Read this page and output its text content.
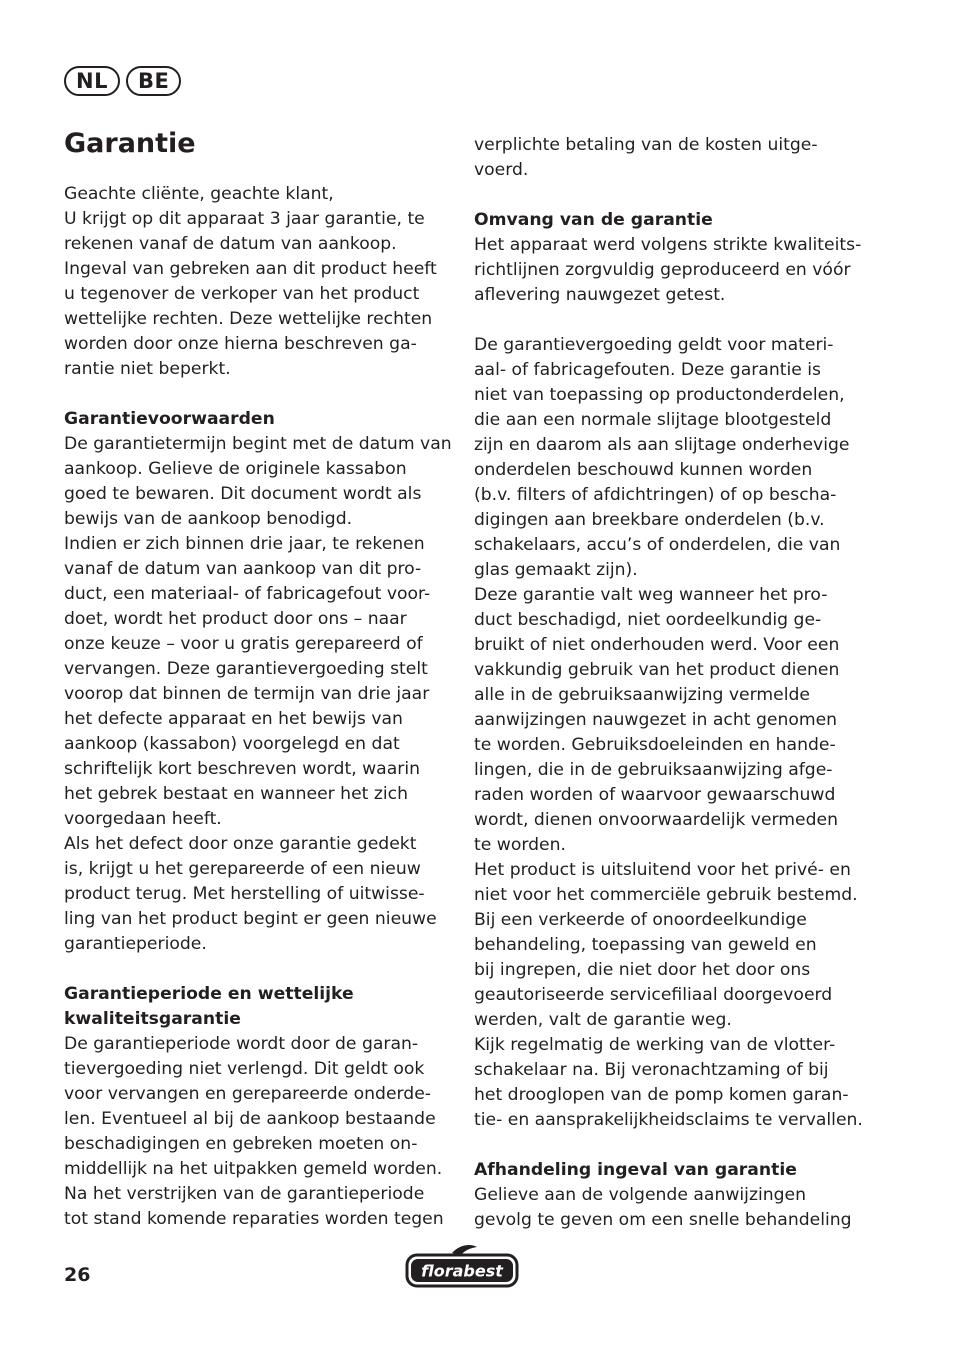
NL	BE
Garantie
Geachte cliënte, geachte klant,
U krijgt op dit apparaat 3 jaar garantie, te
rekenen vanaf de datum van aankoop.
Ingeval van gebreken aan dit product heeft
u tegenover de verkoper van het product
wettelijke rechten. Deze wettelijke rechten
worden door onze hierna beschreven ga-
rantie niet beperkt.
Garantievoorwaarden
De garantietermijn begint met de datum van
aankoop. Gelieve de originele kassabon
goed te bewaren. Dit document wordt als
bewijs van de aankoop benodigd.
Indien er zich binnen drie jaar, te rekenen
vanaf de datum van aankoop van dit pro-
duct, een materiaal- of fabricagefout voor-
doet, wordt het product door ons – naar
onze keuze – voor u gratis gerepareerd of
vervangen. Deze garantievergoeding stelt
voorop dat binnen de termijn van drie jaar
het defecte apparaat en het bewijs van
aankoop (kassabon) voorgelegd en dat
schriftelijk kort beschreven wordt, waarin
het gebrek bestaat en wanneer het zich
voorgedaan heeft.
Als het defect door onze garantie gedekt
is, krijgt u het gerepareerde of een nieuw
product terug. Met herstelling of uitwisse-
ling van het product begint er geen nieuwe
garantieperiode.
Garantieperiode en wettelijke
kwaliteitsgarantie
De garantieperiode wordt door de garan-
tievergoeding niet verlengd. Dit geldt ook
voor vervangen en gerepareerde onderde-
len. Eventueel al bij de aankoop bestaande
beschadigingen en gebreken moeten on-
middellijk na het uitpakken gemeld worden.
Na het verstrijken van de garantieperiode
tot stand komende reparaties worden tegen
verplichte betaling van de kosten uitge-
voerd.
Omvang van de garantie
Het apparaat werd volgens strikte kwaliteits-
richtlijnen zorgvuldig geproduceerd en vóór
aflevering nauwgezet getest.
De garantievergoeding geldt voor materi-
aal- of fabricagefouten. Deze garantie is
niet van toepassing op productonderdelen,
die aan een normale slijtage blootgesteld
zijn en daarom als aan slijtage onderhevige
onderdelen beschouwd kunnen worden
(b.v. filters of afdichtringen) of op bescha-
digingen aan breekbare onderdelen (b.v.
schakelaars, accu’s of onderdelen, die van
glas gemaakt zijn).
Deze garantie valt weg wanneer het pro-
duct beschadigd, niet oordeelkundig ge-
bruikt of niet onderhouden werd. Voor een
vakkundig gebruik van het product dienen
alle in de gebruiksaanwijzing vermelde
aanwijzingen nauwgezet in acht genomen
te worden. Gebruiksdoeleinden en hande-
lingen, die in de gebruiksaanwijzing afge-
raden worden of waarvoor gewaarschuwd
wordt, dienen onvoorwaardelijk vermeden
te worden.
Het product is uitsluitend voor het privé- en
niet voor het commerciële gebruik bestemd.
Bij een verkeerde of onoordeelkundige
behandeling, toepassing van geweld en
bij ingrepen, die niet door het door ons
geautoriseerde servicefiliaal doorgevoerd
werden, valt de garantie weg.
Kijk regelmatig de werking van de vlotter-
schakelaar na. Bij veronachtzaming of bij
het drooglopen van de pomp komen garan-
tie- en aansprakelijkheidsclaims te vervallen.
Afhandeling ingeval van garantie
Gelieve aan de volgende aanwijzingen
gevolg te geven om een snelle behandeling
26	florabest
